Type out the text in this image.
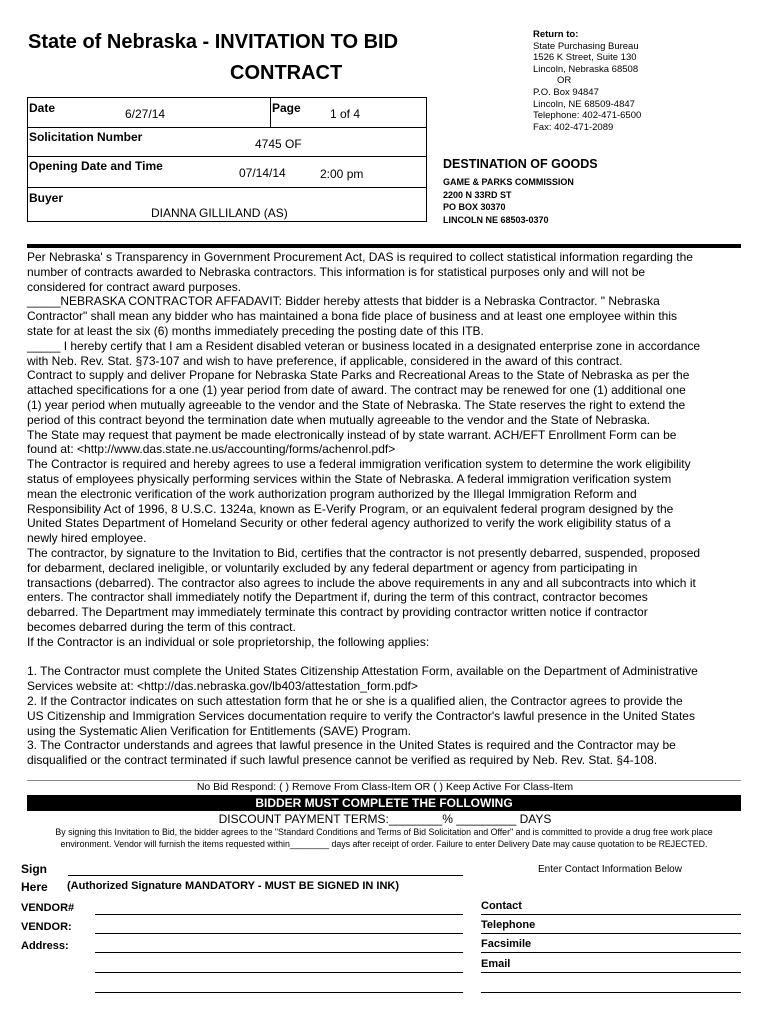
State of Nebraska - INVITATION TO BID
CONTRACT
Return to:
State Purchasing Bureau
1526 K Street, Suite 130
Lincoln, Nebraska 68508
OR
P.O. Box 94847
Lincoln, NE 68509-4847
Telephone: 402-471-6500
Fax: 402-471-2089
Date	6/27/14	Page 1 of 4
Solicitation Number	4745 OF
Opening Date and Time	07/14/14	2:00 pm
Buyer
DIANNA GILLILAND (AS)
DESTINATION OF GOODS
GAME & PARKS COMMISSION
2200 N 33RD ST
PO BOX 30370
LINCOLN NE 68503-0370

Per Nebraska' s Transparency in Government Procurement Act, DAS is required to collect statistical information regarding the

number of contracts awarded to Nebraska contractors. This information is for statistical purposes only and will not be

considered for contract award purposes.

_____NEBRASKA CONTRACTOR AFFADAVIT: Bidder hereby attests that bidder is a Nebraska Contractor. " Nebraska

Contractor" shall mean any bidder who has maintained a bona fide place of business and at least one employee within this

state for at least the six (6) months immediately preceding the posting date of this ITB.

_____ I hereby certify that I am a Resident disabled veteran or business located in a designated enterprise zone in accordance

with Neb. Rev. Stat. §73-107 and wish to have preference, if applicable, considered in the award of this contract.

Contract to supply and deliver Propane for Nebraska State Parks and Recreational Areas to the State of Nebraska as per the

attached specifications for a one (1) year period from date of award. The contract may be renewed for one (1) additional one

(1) year period when mutually agreeable to the vendor and the State of Nebraska. The State reserves the right to extend the

period of this contract beyond the termination date when mutually agreeable to the vendor and the State of Nebraska.

The State may request that payment be made electronically instead of by state warrant. ACH/EFT Enrollment Form can be

found at: <http://www.das.state.ne.us/accounting/forms/achenrol.pdf>

The Contractor is required and hereby agrees to use a federal immigration verification system to determine the work eligibility

status of employees physically performing services within the State of Nebraska. A federal immigration verification system

mean the electronic verification of the work authorization program authorized by the Illegal Immigration Reform and

Responsibility Act of 1996, 8 U.S.C. 1324a, known as E-Verify Program, or an equivalent federal program designed by the

United States Department of Homeland Security or other federal agency authorized to verify the work eligibility status of a

newly hired employee.

The contractor, by signature to the Invitation to Bid, certifies that the contractor is not presently debarred, suspended, proposed

for debarment, declared ineligible, or voluntarily excluded by any federal department or agency from participating in

transactions (debarred). The contractor also agrees to include the above requirements in any and all subcontracts into which it

enters. The contractor shall immediately notify the Department if, during the term of this contract, contractor becomes

debarred. The Department may immediately terminate this contract by providing contractor written notice if contractor

becomes debarred during the term of this contract.

If the Contractor is an individual or sole proprietorship, the following applies:

1. The Contractor must complete the United States Citizenship Attestation Form, available on the Department of Administrative

Services website at: <http://das.nebraska.gov/lb403/attestation_form.pdf>

2. If the Contractor indicates on such attestation form that he or she is a qualified alien, the Contractor agrees to provide the

US Citizenship and Immigration Services documentation require to verify the Contractor's lawful presence in the United States

using the Systematic Alien Verification for Entitlements (SAVE) Program.

3. The Contractor understands and agrees that lawful presence in the United States is required and the Contractor may be

disqualified or the contract terminated if such lawful presence cannot be verified as required by Neb. Rev. Stat. §4-108.

No Bid Respond: ( ) Remove From Class-Item OR ( ) Keep Active For Class-Item
BIDDER MUST COMPLETE THE FOLLOWING
DISCOUNT PAYMENT TERMS:________% _________ DAYS

By signing this Invitation to Bid, the bidder agrees to the "Standard Conditions and Terms of Bid Solicitation and Offer" and is committed to provide a drug free work place

environment. Vendor will furnish the items requested within________ days after receipt of order. Failure to enter Delivery Date may cause quotation to be REJECTED.

Sign
Here (Authorized Signature MANDATORY - MUST BE SIGNED IN INK)
Enter Contact Information Below
VENDOR#
VENDOR:
Address:
Contact
Telephone
Facsimile
Email
